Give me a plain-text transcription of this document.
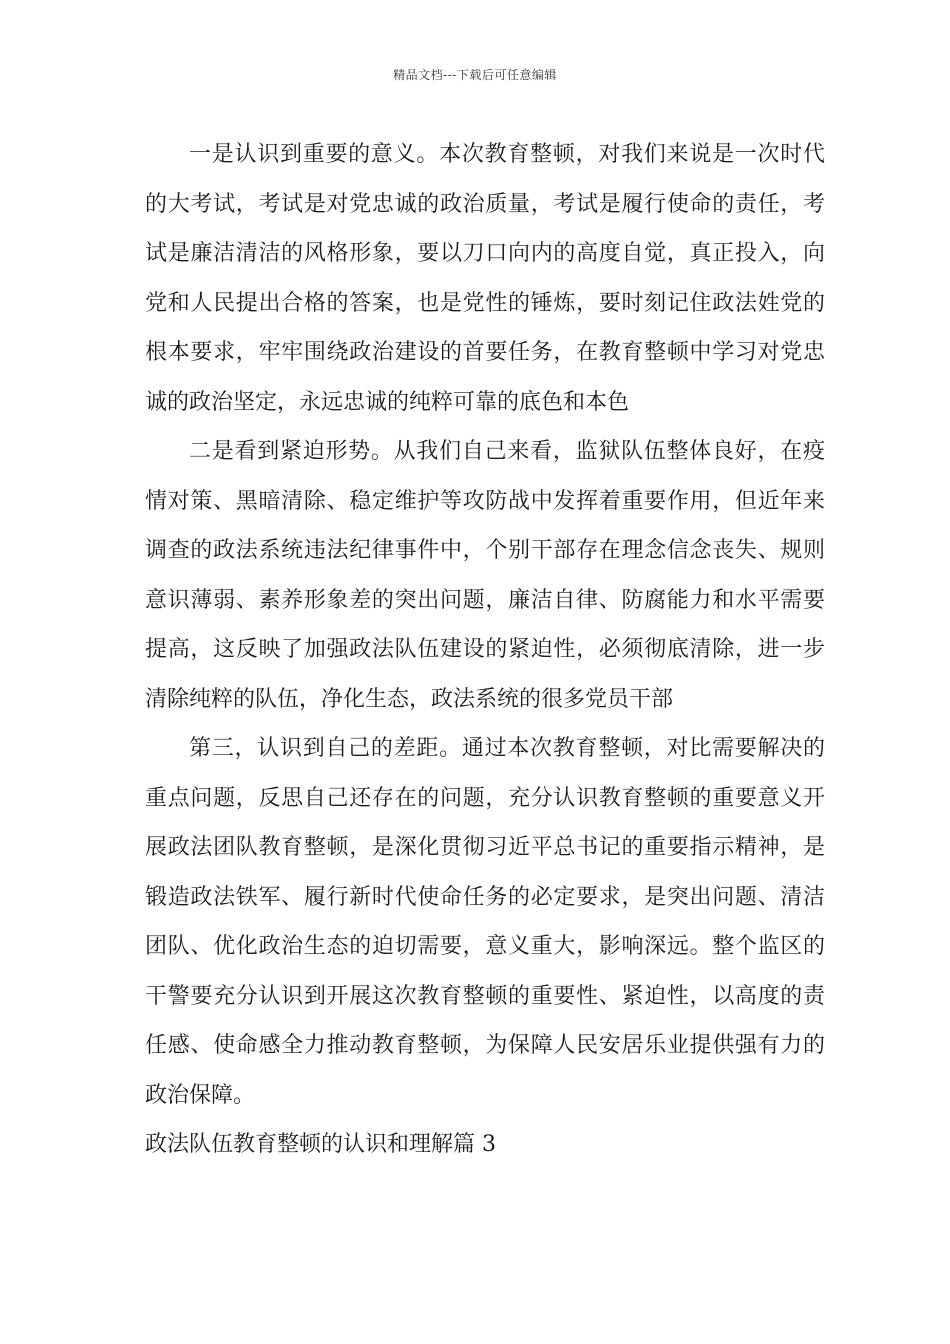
精品文档---下载后可任意编辑

一是认识到重要的意义。本次教育整顿，对我们来说是一次时代的大考试，考试是对党忠诚的政治质量，考试是履行使命的责任，考试是廉洁清洁的风格形象，要以刀口向内的高度自觉，真正投入，向党和人民提出合格的答案，也是党性的锤炼，要时刻记住政法姓党的根本要求，牢牢围绕政治建设的首要任务，在教育整顿中学习对党忠诚的政治坚定，永远忠诚的纯粹可靠的底色和本色

二是看到紧迫形势。从我们自己来看，监狱队伍整体良好，在疫情对策、黑暗清除、稳定维护等攻防战中发挥着重要作用，但近年来调查的政法系统违法纪律事件中，个别干部存在理念信念丧失、规则意识薄弱、素养形象差的突出问题，廉洁自律、防腐能力和水平需要提高，这反映了加强政法队伍建设的紧迫性，必须彻底清除，进一步清除纯粹的队伍，净化生态，政法系统的很多党员干部

第三，认识到自己的差距。通过本次教育整顿，对比需要解决的重点问题，反思自己还存在的问题，充分认识教育整顿的重要意义开展政法团队教育整顿，是深化贯彻习近平总书记的重要指示精神，是锻造政法铁军、履行新时代使命任务的必定要求，是突出问题、清洁团队、优化政治生态的迫切需要，意义重大，影响深远。整个监区的干警要充分认识到开展这次教育整顿的重要性、紧迫性，以高度的责任感、使命感全力推动教育整顿，为保障人民安居乐业提供强有力的政治保障。

政法队伍教育整顿的认识和理解篇 3
